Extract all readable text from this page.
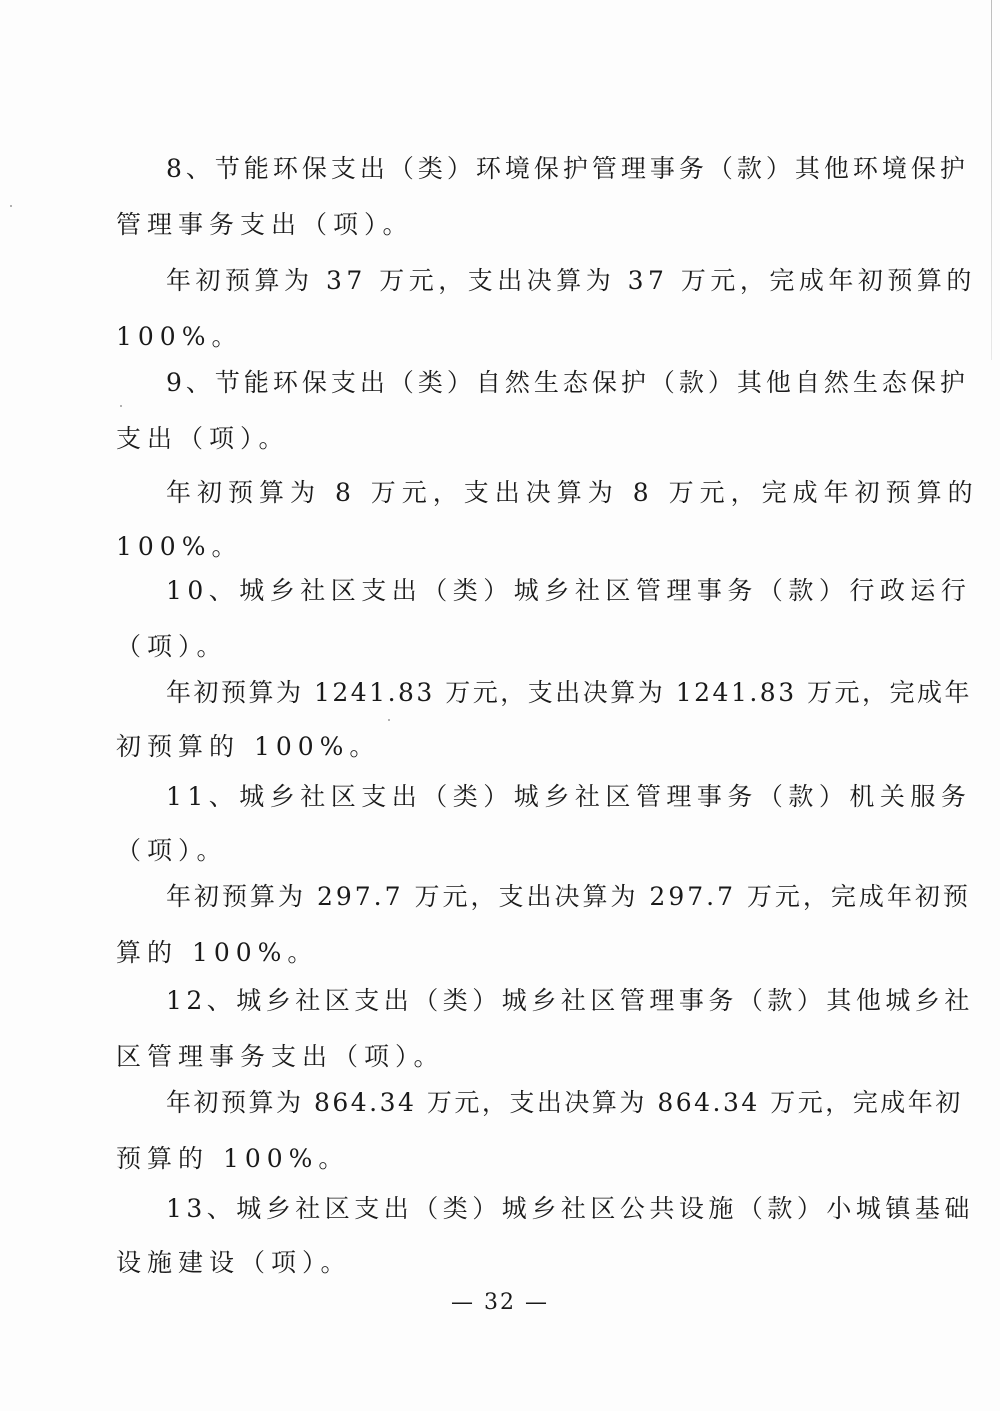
8、节能环保支出（类）环境保护管理事务（款）其他环境保护
管理事务支出（项）。
年初预算为 37 万元，支出决算为 37 万元，完成年初预算的
100%。
9、节能环保支出（类）自然生态保护（款）其他自然生态保护
支出（项）。
年初预算为 8 万元，支出决算为 8 万元，完成年初预算的
100%。
10、城乡社区支出（类）城乡社区管理事务（款）行政运行
（项）。
年初预算为 1241.83 万元，支出决算为 1241.83 万元，完成年
初预算的 100%。
11、城乡社区支出（类）城乡社区管理事务（款）机关服务
（项）。
年初预算为 297.7 万元，支出决算为 297.7 万元，完成年初预
算的 100%。
12、城乡社区支出（类）城乡社区管理事务（款）其他城乡社
区管理事务支出（项）。
年初预算为 864.34 万元，支出决算为 864.34 万元，完成年初
预算的 100%。
13、城乡社区支出（类）城乡社区公共设施（款）小城镇基础
设施建设（项）。
— 32 —
